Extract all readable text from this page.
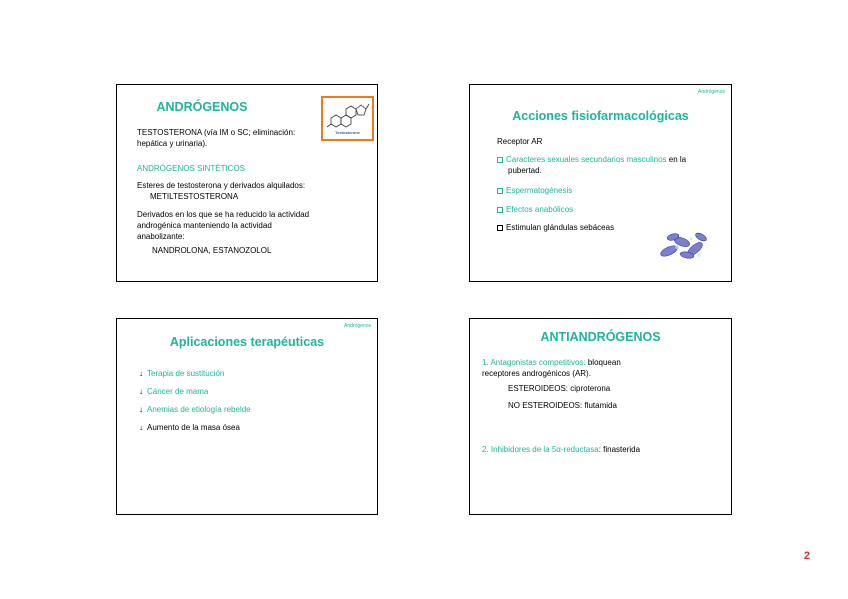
ANDRÓGENOS
Testosterone
TESTOSTERONA (vía IM o SC; eliminación:
hepática y urinaria).
ANDRÓGENOS SINTÉTICOS
Esteres de testosterona y derivados alquilados:
METILTESTOSTERONA
Derivados en los que se ha reducido la actividad
androgénica manteniendo la actividad
anabolizante:
NANDROLONA, ESTANOZOLOL
Andrógenos
Acciones fisiofarmacológicas
Receptor AR
Caracteres sexuales secundarios masculinos en la
pubertad.
Espermatogénesis
Efectos anabólicos
Estimulan glándulas sebáceas
Andrógenos
Aplicaciones terapéuticas
↓ Terapia de sustitución
↓ Cáncer de mama
↓ Anemias de etiología rebelde
↓ Aumento de la masa ósea
ANTIANDRÓGENOS
1. Antagonistas competitivos: bloquean
receptores androgénicos (AR).
ESTEROIDEOS: ciproterona
NO ESTEROIDEOS: flutamida
2. Inhibidores de la 5α-reductasa: finasterida
2
